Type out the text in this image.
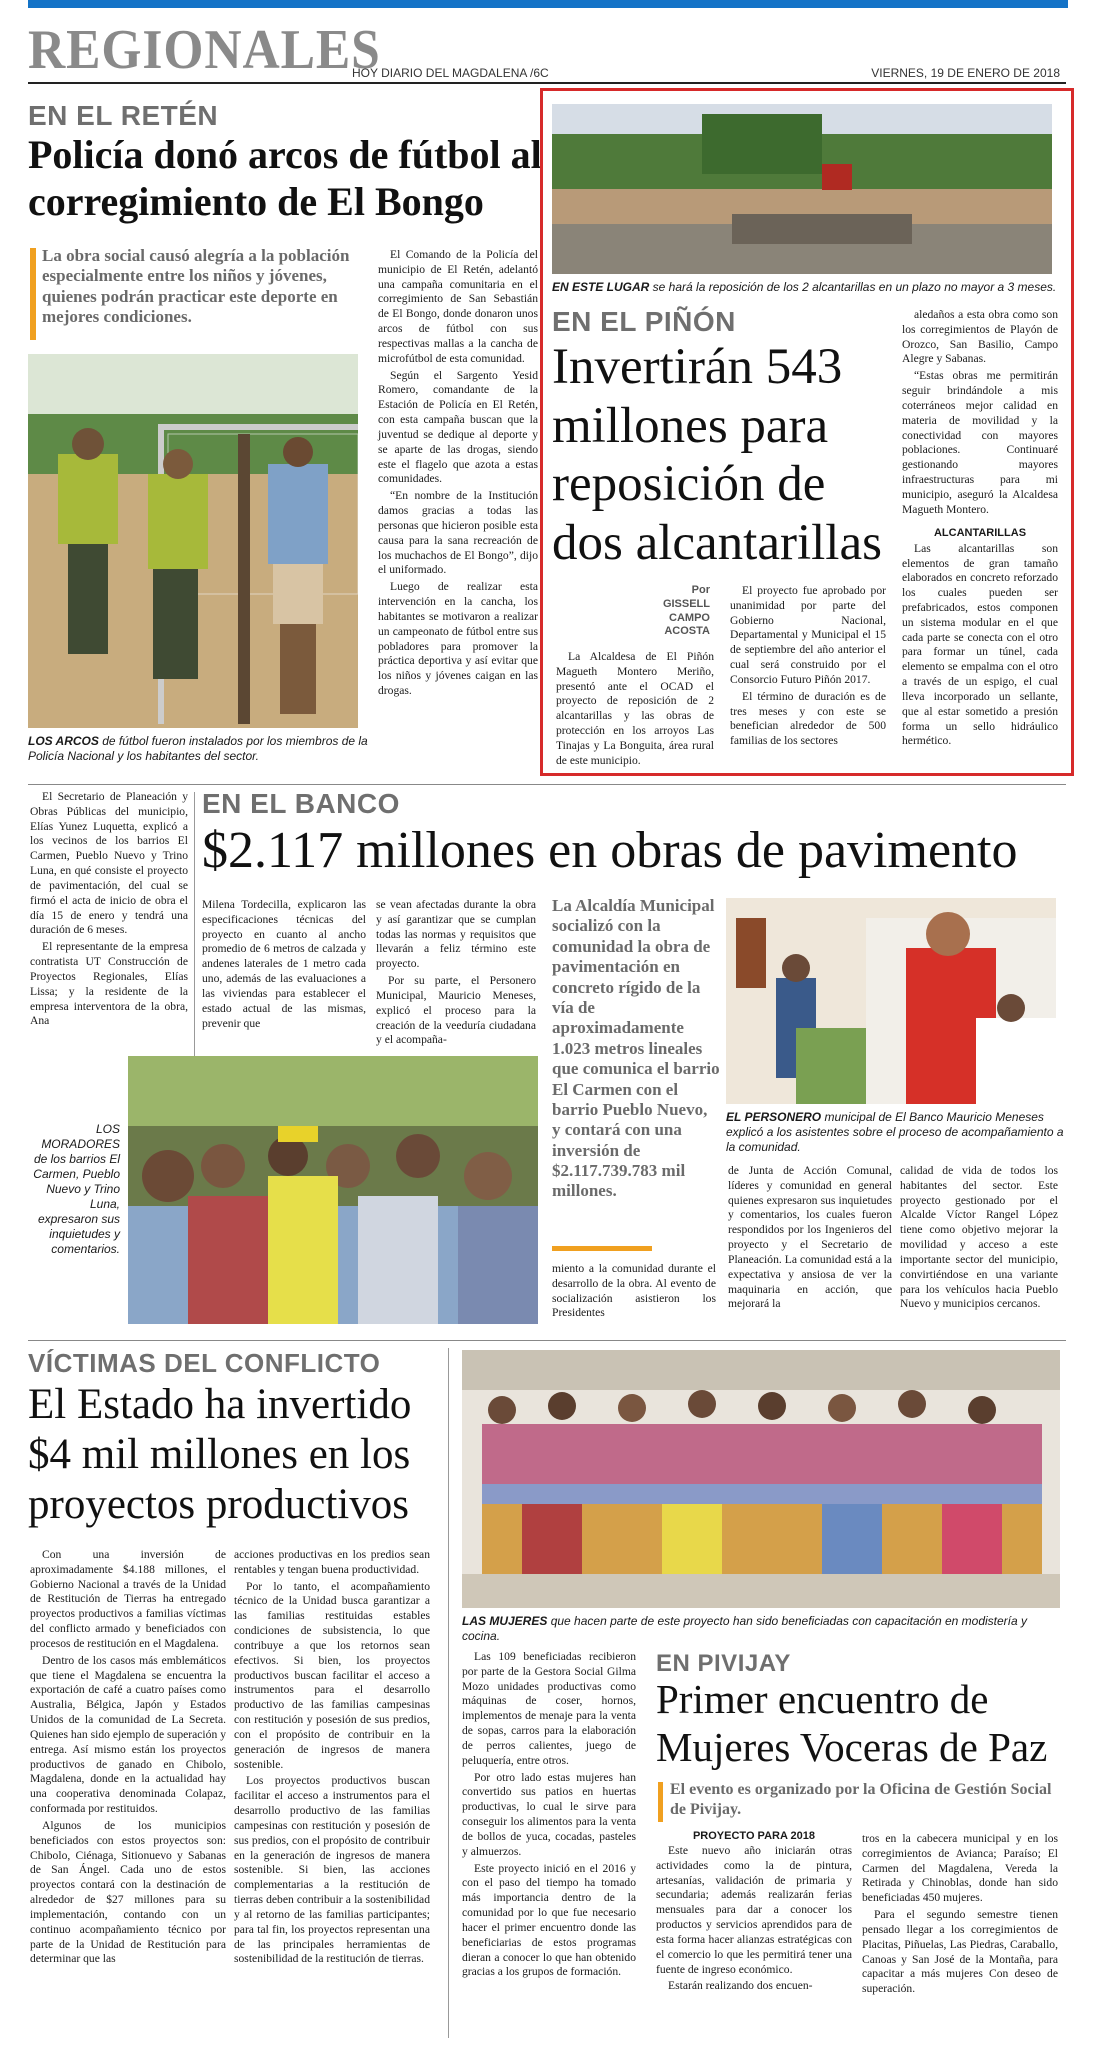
REGIONALES
HOY DIARIO DEL MAGDALENA /6C	VIERNES, 19 DE ENERO DE 2018
EN EL RETÉN
Policía donó arcos de fútbol al corregimiento de El Bongo
La obra social causó alegría a la población especialmente entre los niños y jóvenes, quienes podrán practicar este deporte en mejores condiciones.
LOS ARCOS de fútbol fueron instalados por los miembros de la Policía Nacional y los habitantes del sector.

El Comando de la Policía del municipio de El Retén, adelantó una campaña comunitaria en el corregimiento de San Sebastián de El Bongo, donde donaron unos arcos de fútbol con sus respectivas mallas a la cancha de microfútbol de esta comunidad.

Según el Sargento Yesid Romero, comandante de la Estación de Policía en El Retén, con esta campaña buscan que la juventud se dedique al deporte y se aparte de las drogas, siendo este el flagelo que azota a estas comunidades.

“En nombre de la Institución damos gracias a todas las personas que hicieron posible esta causa para la sana recreación de los muchachos de El Bongo”, dijo el uniformado.

Luego de realizar esta intervención en la cancha, los habitantes se motivaron a realizar un campeonato de fútbol entre sus pobladores para promover la práctica deportiva y así evitar que los niños y jóvenes caigan en las drogas.

EN ESTE LUGAR se hará la reposición de los 2 alcantarillas en un plazo no mayor a 3 meses.
EN EL PIÑÓN
Invertirán 543 millones para reposición de dos alcantarillas
Por GISSELL CAMPO ACOSTA

La Alcaldesa de El Piñón Magueth Montero Meriño, presentó ante el OCAD el proyecto de reposición de 2 alcantarillas y las obras de protección en los arroyos Las Tinajas y La Bonguita, área rural de este municipio.

El proyecto fue aprobado por unanimidad por parte del Gobierno Nacional, Departamental y Municipal el 15 de septiembre del año anterior el cual será construido por el Consorcio Futuro Piñón 2017.

El término de duración es de tres meses y con este se benefician alrededor de 500 familias de los sectores

aledaños a esta obra como son los corregimientos de Playón de Orozco, San Basilio, Campo Alegre y Sabanas.

“Estas obras me permitirán seguir brindándole a mis coterráneos mejor calidad en materia de movilidad y la conectividad con mayores poblaciones. Continuaré gestionando mayores infraestructuras para mi municipio, aseguró la Alcaldesa Magueth Montero.

ALCANTARILLAS

Las alcantarillas son elementos de gran tamaño elaborados en concreto reforzado los cuales pueden ser prefabricados, estos componen un sistema modular en el que cada parte se conecta con el otro para formar un túnel, cada elemento se empalma con el otro a través de un espigo, el cual lleva incorporado un sellante, que al estar sometido a presión forma un sello hidráulico hermético.

El Secretario de Planeación y Obras Públicas del municipio, Elías Yunez Luquetta, explicó a los vecinos de los barrios El Carmen, Pueblo Nuevo y Trino Luna, en qué consiste el proyecto de pavimentación, del cual se firmó el acta de inicio de obra el día 15 de enero y tendrá una duración de 6 meses.

El representante de la empresa contratista UT Construcción de Proyectos Regionales, Elías Lissa; y la residente de la empresa interventora de la obra, Ana

EN EL BANCO
$2.117 millones en obras de pavimento

Milena Tordecilla, explicaron las especificaciones técnicas del proyecto en cuanto al ancho promedio de 6 metros de calzada y andenes laterales de 1 metro cada uno, además de las evaluaciones a las viviendas para establecer el estado actual de las mismas, prevenir que

se vean afectadas durante la obra y así garantizar que se cumplan todas las normas y requisitos que llevarán a feliz término este proyecto.

Por su parte, el Personero Municipal, Mauricio Meneses, explicó el proceso para la creación de la veeduría ciudadana y el acompaña-

La Alcaldía Municipal socializó con la comunidad la obra de pavimentación en concreto rígido de la vía de aproximadamente 1.023 metros lineales que comunica el barrio El Carmen con el barrio Pueblo Nuevo, y contará con una inversión de $2.117.739.783 mil millones.

miento a la comunidad durante el desarrollo de la obra. Al evento de socialización asistieron los Presidentes

LOS MORADORES de los barrios El Carmen, Pueblo Nuevo y Trino Luna, expresaron sus inquietudes y comentarios.
EL PERSONERO municipal de El Banco Mauricio Meneses explicó a los asistentes sobre el proceso de acompañamiento a la comunidad.

de Junta de Acción Comunal, líderes y comunidad en general quienes expresaron sus inquietudes y comentarios, los cuales fueron respondidos por los Ingenieros del proyecto y el Secretario de Planeación. La comunidad está a la expectativa y ansiosa de ver la maquinaria en acción, que mejorará la

calidad de vida de todos los habitantes del sector. Este proyecto gestionado por el Alcalde Víctor Rangel López tiene como objetivo mejorar la movilidad y acceso a este importante sector del municipio, convirtiéndose en una variante para los vehículos hacia Pueblo Nuevo y municipios cercanos.

VÍCTIMAS DEL CONFLICTO
El Estado ha invertido $4 mil millones en los proyectos productivos

Con una inversión de aproximadamente $4.188 millones, el Gobierno Nacional a través de la Unidad de Restitución de Tierras ha entregado proyectos productivos a familias víctimas del conflicto armado y beneficiados con procesos de restitución en el Magdalena.

Dentro de los casos más emblemáticos que tiene el Magdalena se encuentra la exportación de café a cuatro países como Australia, Bélgica, Japón y Estados Unidos de la comunidad de La Secreta. Quienes han sido ejemplo de superación y entrega. Así mismo están los proyectos productivos de ganado en Chibolo, Magdalena, donde en la actualidad hay una cooperativa denominada Colapaz, conformada por restituidos.

Algunos de los municipios beneficiados con estos proyectos son: Chibolo, Ciénaga, Sitionuevo y Sabanas de San Ángel. Cada uno de estos proyectos contará con la destinación de alrededor de $27 millones para su implementación, contando con un continuo acompañamiento técnico por parte de la Unidad de Restitución para determinar que las

acciones productivas en los predios sean rentables y tengan buena productividad.

Por lo tanto, el acompañamiento técnico de la Unidad busca garantizar a las familias restituidas estables condiciones de subsistencia, lo que contribuye a que los retornos sean efectivos. Si bien, los proyectos productivos buscan facilitar el acceso a instrumentos para el desarrollo productivo de las familias campesinas con restitución y posesión de sus predios, con el propósito de contribuir en la generación de ingresos de manera sostenible.

Los proyectos productivos buscan facilitar el acceso a instrumentos para el desarrollo productivo de las familias campesinas con restitución y posesión de sus predios, con el propósito de contribuir en la generación de ingresos de manera sostenible. Si bien, las acciones complementarias a la restitución de tierras deben contribuir a la sostenibilidad y al retorno de las familias participantes; para tal fin, los proyectos representan una de las principales herramientas de sostenibilidad de la restitución de tierras.

LAS MUJERES que hacen parte de este proyecto han sido beneficiadas con capacitación en modistería y cocina.

Las 109 beneficiadas recibieron por parte de la Gestora Social Gilma Mozo unidades productivas como máquinas de coser, hornos, implementos de menaje para la venta de sopas, carros para la elaboración de perros calientes, juego de peluquería, entre otros.

Por otro lado estas mujeres han convertido sus patios en huertas productivas, lo cual le sirve para conseguir los alimentos para la venta de bollos de yuca, cocadas, pasteles y almuerzos.

Este proyecto inició en el 2016 y con el paso del tiempo ha tomado más importancia dentro de la comunidad por lo que fue necesario hacer el primer encuentro donde las beneficiarias de estos programas dieran a conocer lo que han obtenido gracias a los grupos de formación.

EN PIVIJAY
Primer encuentro de Mujeres Voceras de Paz
El evento es organizado por la Oficina de Gestión Social de Pivijay.
PROYECTO PARA 2018

Este nuevo año iniciarán otras actividades como la de pintura, artesanías, validación de primaria y secundaria; además realizarán ferias mensuales para dar a conocer los productos y servicios aprendidos para de esta forma hacer alianzas estratégicas con el comercio lo que les permitirá tener una fuente de ingreso económico.

Estarán realizando dos encuen-

tros en la cabecera municipal y en los corregimientos de Avianca; Paraíso; El Carmen del Magdalena, Vereda la Retirada y Chinoblas, donde han sido beneficiadas 450 mujeres.

Para el segundo semestre tienen pensado llegar a los corregimientos de Placitas, Piñuelas, Las Piedras, Caraballo, Canoas y San José de la Montaña, para capacitar a más mujeres Con deseo de superación.
